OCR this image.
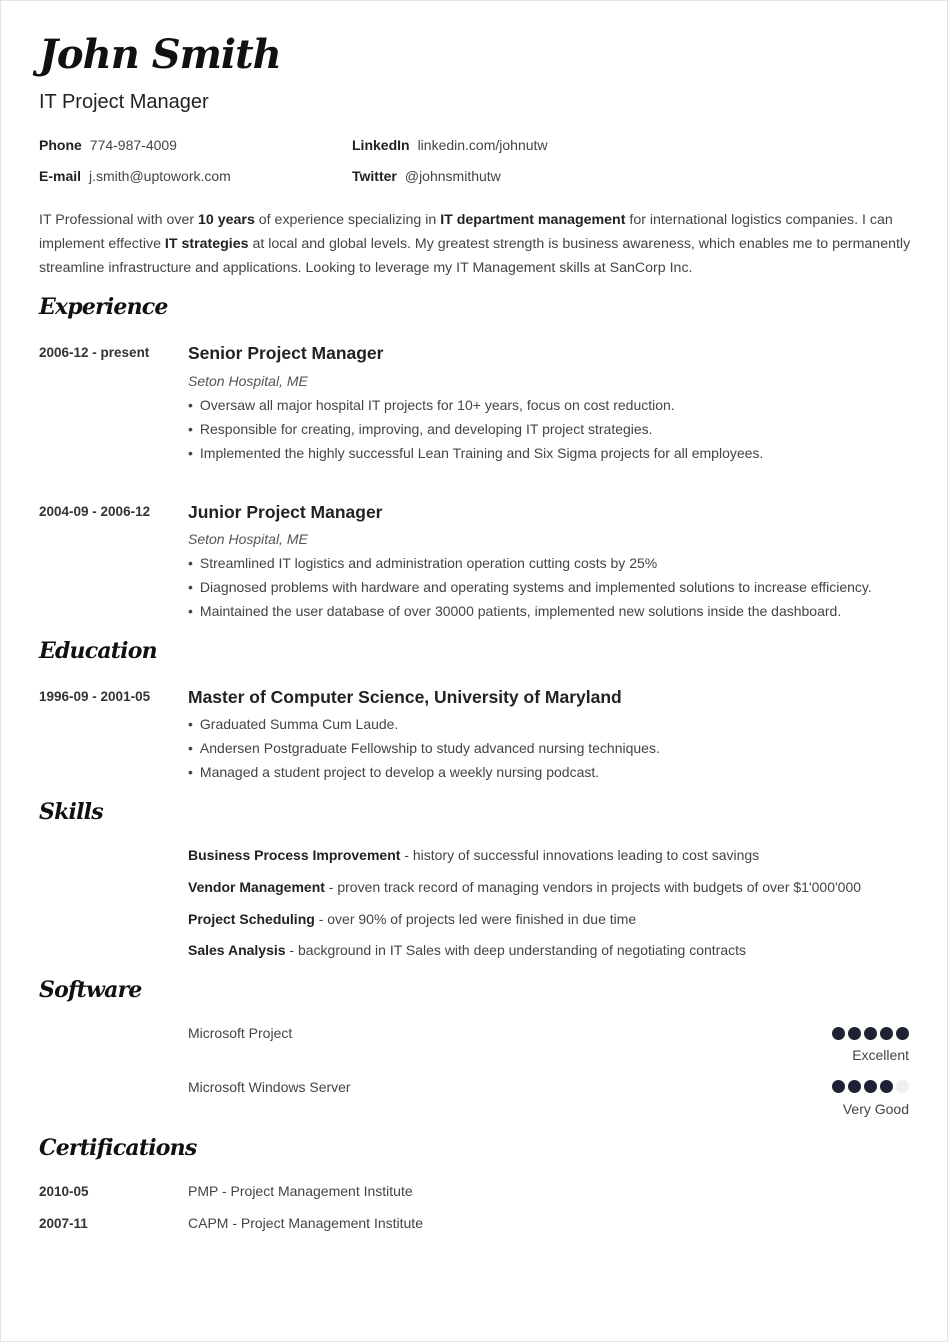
John Smith
IT Project Manager
Phone 774-987-4009
E-mail j.smith@uptowork.com
LinkedIn linkedin.com/johnutw
Twitter @johnsmithutw
IT Professional with over 10 years of experience specializing in IT department management for international logistics companies. I can implement effective IT strategies at local and global levels. My greatest strength is business awareness, which enables me to permanently streamline infrastructure and applications. Looking to leverage my IT Management skills at SanCorp Inc.
Experience
2006-12 - present Senior Project Manager
Seton Hospital, ME
• Oversaw all major hospital IT projects for 10+ years, focus on cost reduction.
• Responsible for creating, improving, and developing IT project strategies.
• Implemented the highly successful Lean Training and Six Sigma projects for all employees.
2004-09 - 2006-12 Junior Project Manager
Seton Hospital, ME
• Streamlined IT logistics and administration operation cutting costs by 25%
• Diagnosed problems with hardware and operating systems and implemented solutions to increase efficiency.
• Maintained the user database of over 30000 patients, implemented new solutions inside the dashboard.
Education
1996-09 - 2001-05 Master of Computer Science, University of Maryland
• Graduated Summa Cum Laude.
• Andersen Postgraduate Fellowship to study advanced nursing techniques.
• Managed a student project to develop a weekly nursing podcast.
Skills
Business Process Improvement - history of successful innovations leading to cost savings
Vendor Management - proven track record of managing vendors in projects with budgets of over $1'000'000
Project Scheduling - over 90% of projects led were finished in due time
Sales Analysis - background in IT Sales with deep understanding of negotiating contracts
Software
Microsoft Project
Excellent
Microsoft Windows Server
Very Good
Certifications
2010-05	PMP - Project Management Institute
2007-11	CAPM - Project Management Institute
